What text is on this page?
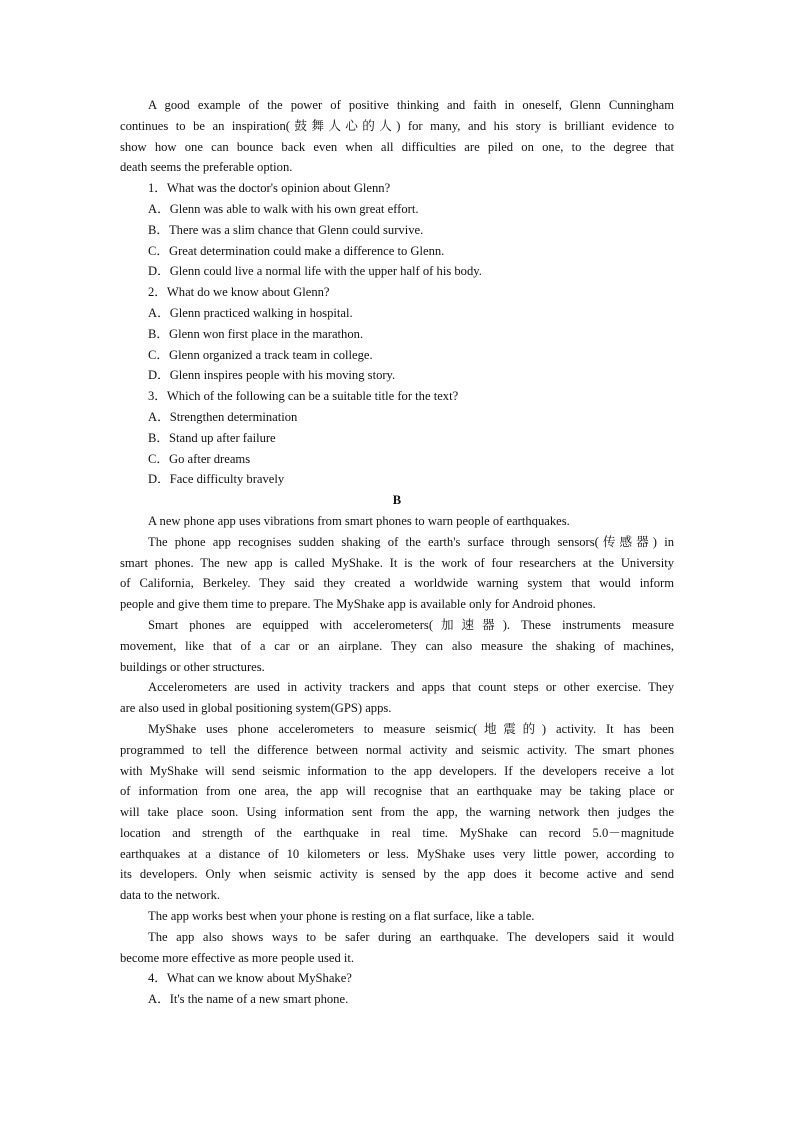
A good example of the power of positive thinking and faith in oneself, Glenn Cunningham
continues to be an inspiration(鼓舞人心的人) for many, and his story is brilliant evidence to
show how one can bounce back even when all difficulties are piled on one, to the degree that
death seems the preferable option.
1．What was the doctor's opinion about Glenn?
A．Glenn was able to walk with his own great effort.
B．There was a slim chance that Glenn could survive.
C．Great determination could make a difference to Glenn.
D．Glenn could live a normal life with the upper half of his body.
2．What do we know about Glenn?
A．Glenn practiced walking in hospital.
B．Glenn won first place in the marathon.
C．Glenn organized a track team in college.
D．Glenn inspires people with his moving story.
3．Which of the following can be a suitable title for the text?
A．Strengthen determination
B．Stand up after failure
C．Go after dreams
D．Face difficulty bravely
B
A new phone app uses vibrations from smart phones to warn people of earthquakes.
The phone app recognises sudden shaking of the earth's surface through sensors(传感器) in
smart phones. The new app is called MyShake. It is the work of four researchers at the University
of California, Berkeley. They said they created a worldwide warning system that would inform
people and give them time to prepare. The MyShake app is available only for Android phones.
Smart phones are equipped with accelerometers(加速器). These instruments measure
movement, like that of a car or an airplane. They can also measure the shaking of machines,
buildings or other structures.
Accelerometers are used in activity trackers and apps that count steps or other exercise. They
are also used in global positioning system(GPS) apps.
MyShake uses phone accelerometers to measure seismic(地震的) activity. It has been
programmed to tell the difference between normal activity and seismic activity. The smart phones
with MyShake will send seismic information to the app developers. If the developers receive a lot
of information from one area, the app will recognise that an earthquake may be taking place or
will take place soon. Using information sent from the app, the warning network then judges the
location and strength of the earthquake in real time. MyShake can record 5.0－magnitude
earthquakes at a distance of 10 kilometers or less. MyShake uses very little power, according to
its developers. Only when seismic activity is sensed by the app does it become active and send
data to the network.
The app works best when your phone is resting on a flat surface, like a table.
The app also shows ways to be safer during an earthquake. The developers said it would
become more effective as more people used it.
4．What can we know about MyShake?
A．It's the name of a new smart phone.
